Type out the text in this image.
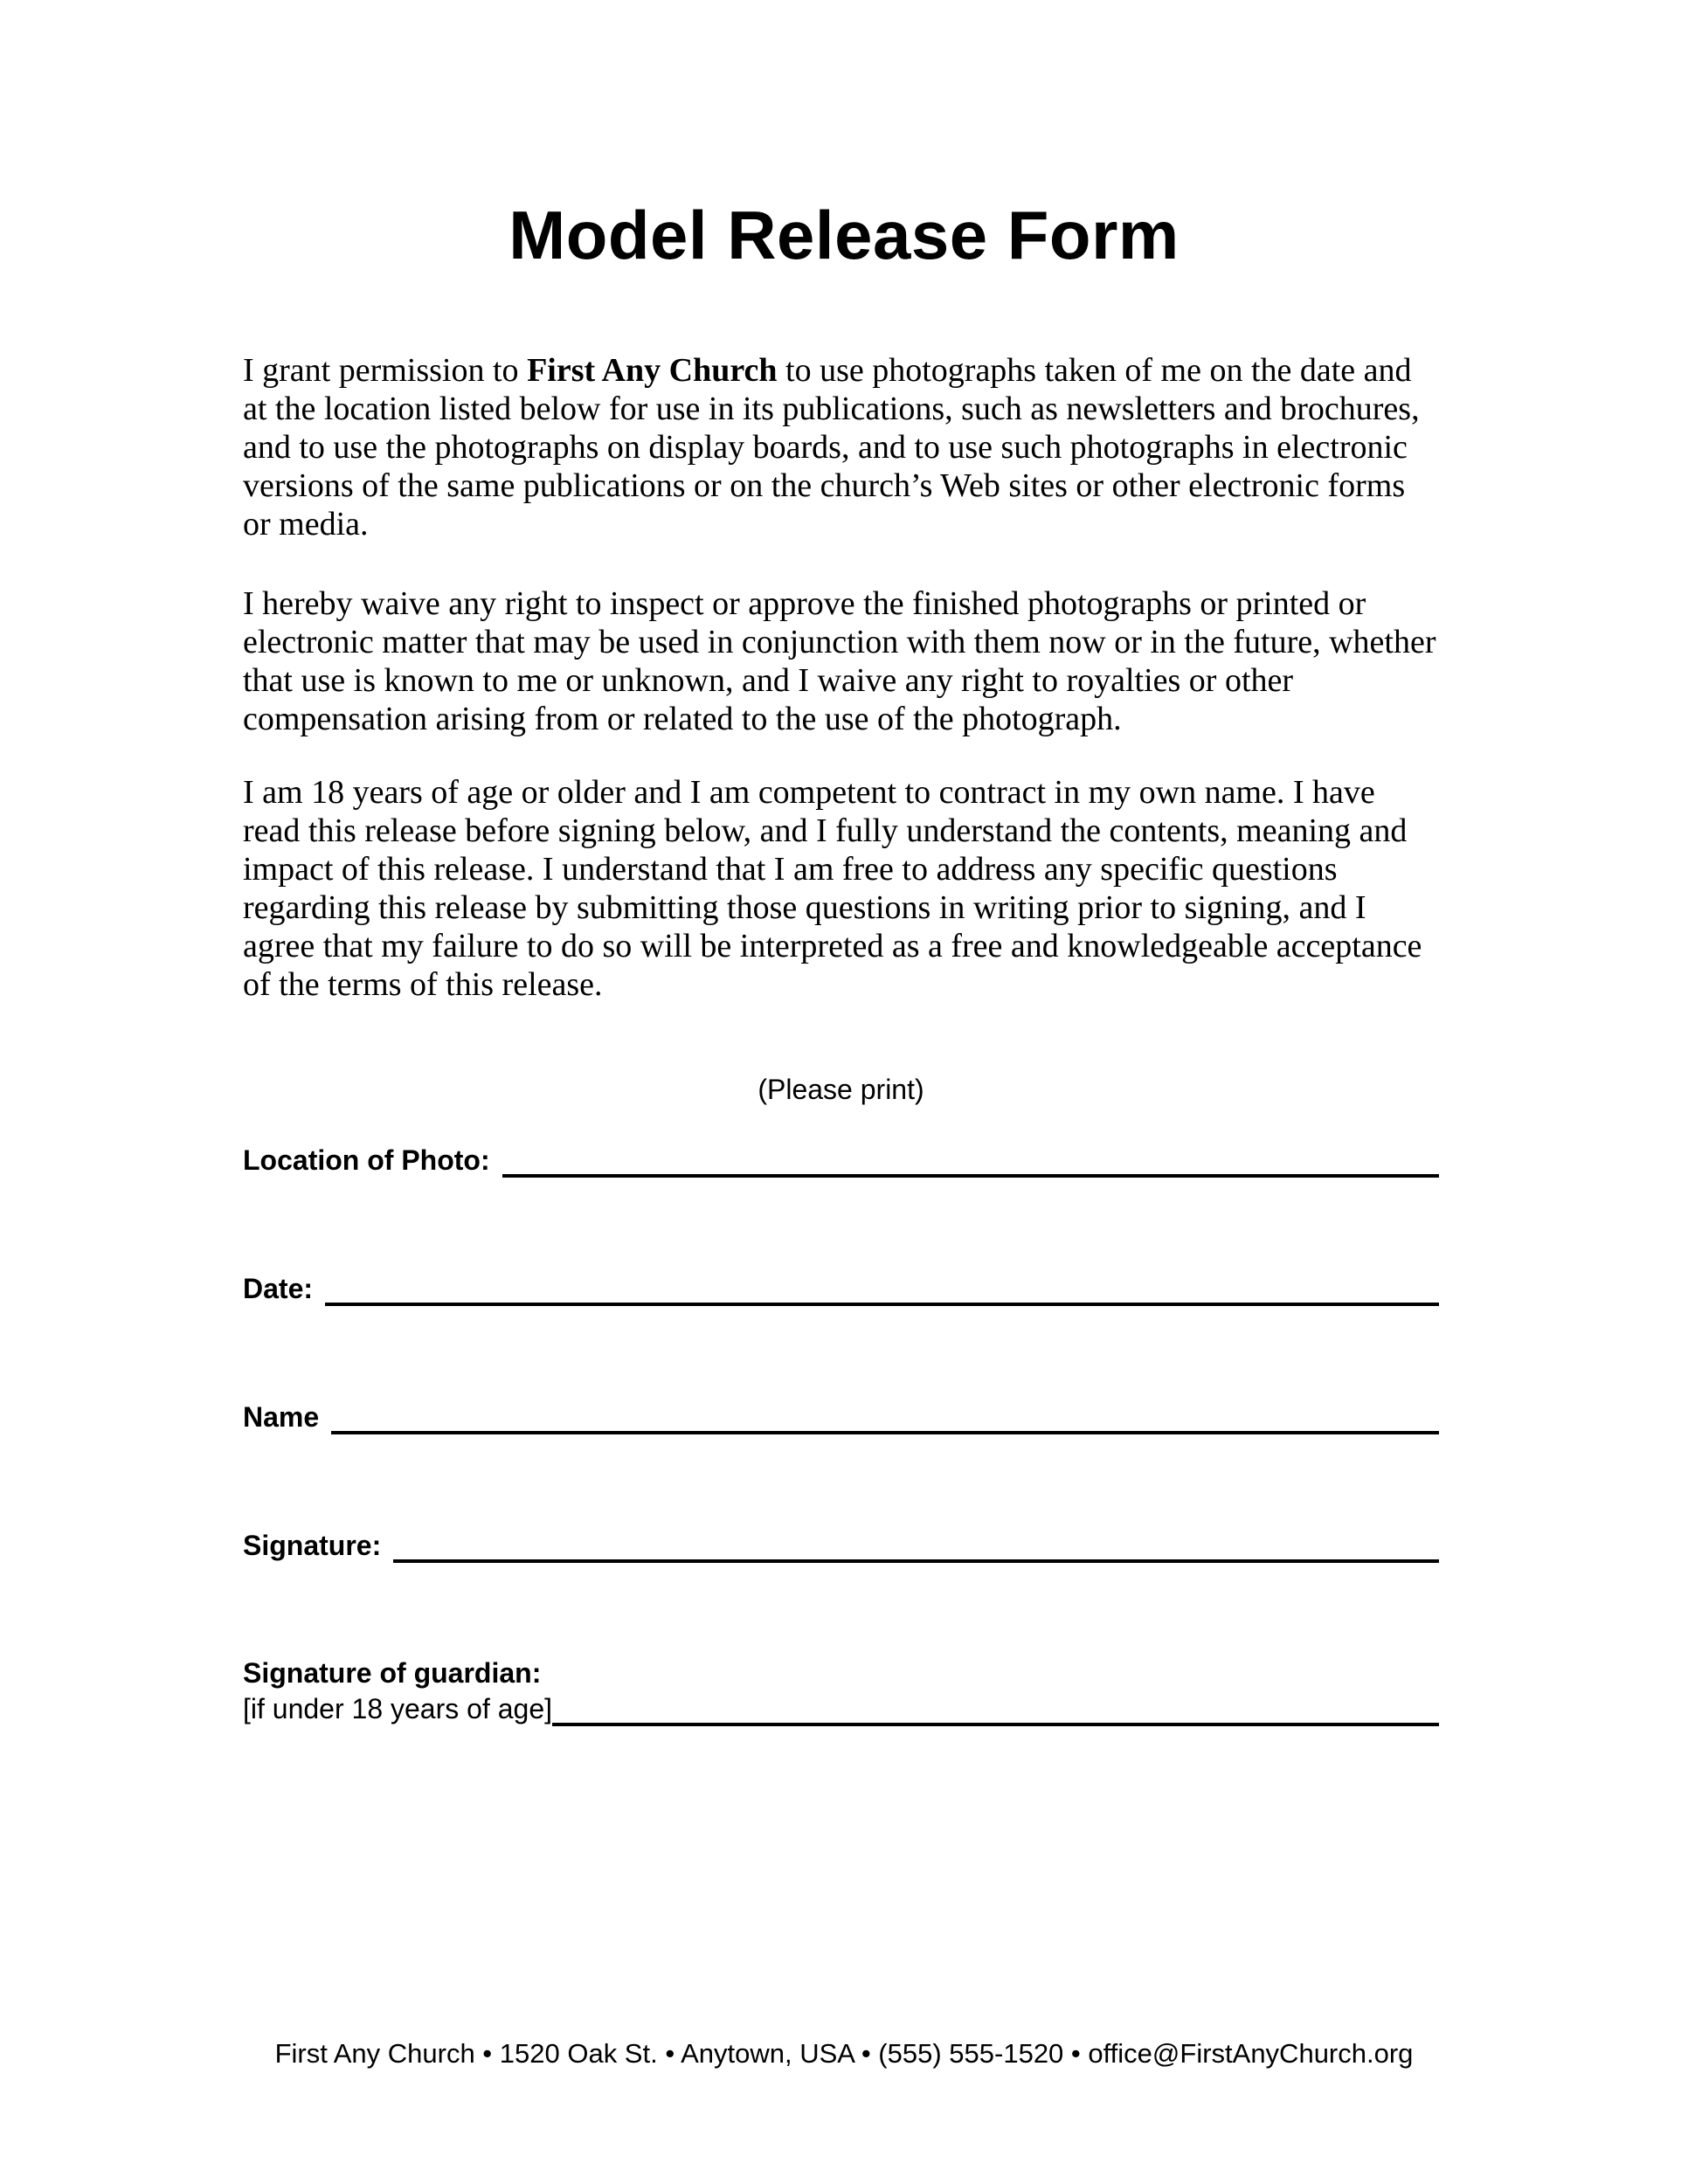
Model Release Form

I grant permission to First Any Church to use photographs taken of me on the date and at the location listed below for use in its publications, such as newsletters and brochures, and to use the photographs on display boards, and to use such photographs in electronic versions of the same publications or on the church’s Web sites or other electronic forms or media.

I hereby waive any right to inspect or approve the finished photographs or printed or electronic matter that may be used in conjunction with them now or in the future, whether that use is known to me or unknown, and I waive any right to royalties or other compensation arising from or related to the use of the photograph.

I am 18 years of age or older and I am competent to contract in my own name. I have read this release before signing below, and I fully understand the contents, meaning and impact of this release. I understand that I am free to address any specific questions regarding this release by submitting those questions in writing prior to signing, and I agree that my failure to do so will be interpreted as a free and knowledgeable acceptance of the terms of this release.

(Please print)
Location of Photo:
Date:
Name
Signature:
Signature of guardian:
[if under 18 years of age]
First Any Church • 1520 Oak St. • Anytown, USA • (555) 555-1520 • office@FirstAnyChurch.org
